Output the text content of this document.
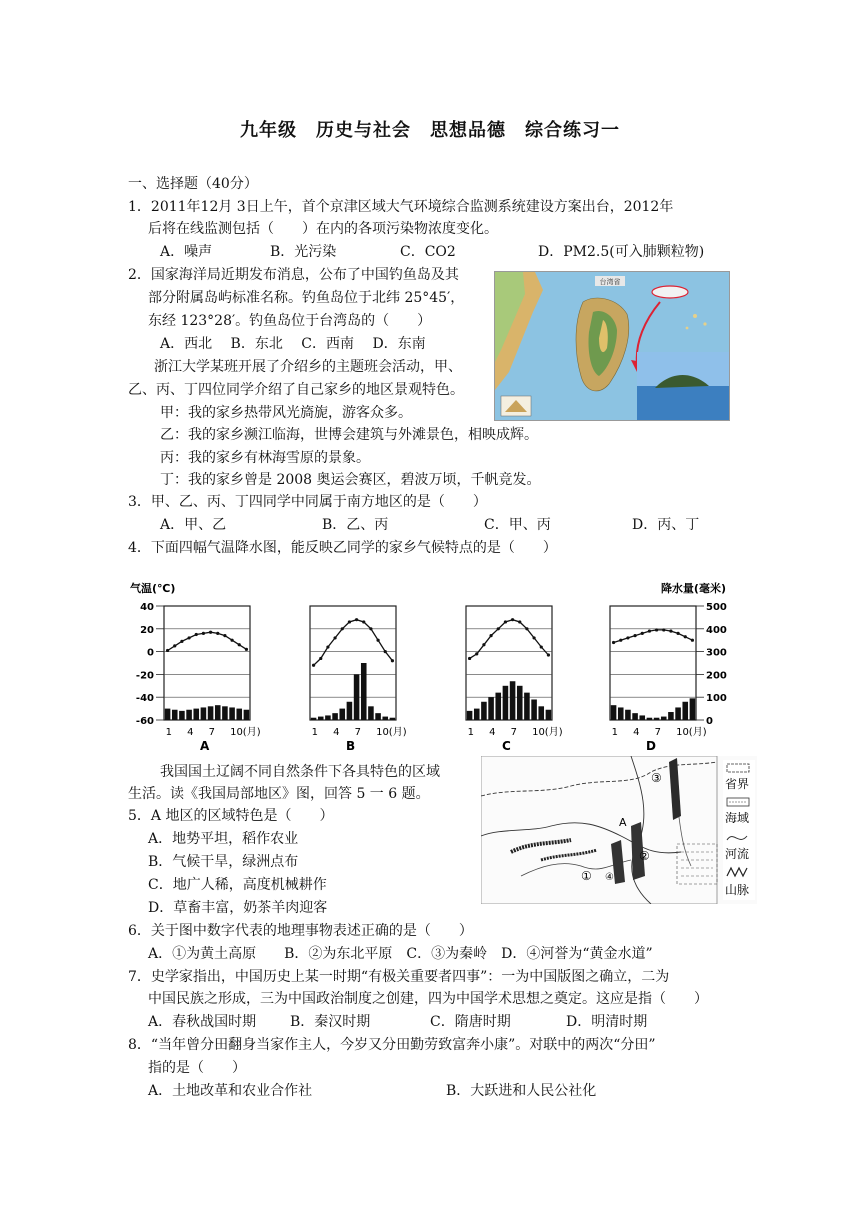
九年级　历史与社会　思想品德　综合练习一
一、选择题（40分）
1．2011年12月 3日上午，首个京津区域大气环境综合监测系统建设方案出台，2012年
后将在线监测包括（　　）在内的各项污染物浓度变化。
A．噪声	B．光污染	C．CO2	D．PM2.5(可入肺颗粒物)
2．国家海洋局近期发布消息，公布了中国钓鱼岛及其
部分附属岛屿标准名称。钓鱼岛位于北纬 25°45′，
东经 123°28′。钓鱼岛位于台湾岛的（　　）
A．西北　 B．东北　 C．西南　 D．东南
台湾省
浙江大学某班开展了介绍乡的主题班会活动，甲、
乙、丙、丁四位同学介绍了自己家乡的地区景观特色。
甲：我的家乡热带风光旖旎，游客众多。
乙：我的家乡濒江临海，世博会建筑与外滩景色，相映成辉。
丙：我的家乡有林海雪原的景象。
丁：我的家乡曾是 2008 奥运会赛区，碧波万顷，千帆竞发。
3．甲、乙、丙、丁四同学中同属于南方地区的是（　　）
A．甲、乙	B．乙、丙	C．甲、丙	D．丙、丁
4．下面四幅气温降水图，能反映乙同学的家乡气候特点的是（　　）
气温(℃)	降水量(毫米)
40
20
0
-20
-40
-60
500
400
300
200
100
0
1 4 7 10(月)
A
1 4 7 10(月)
B
1 4 7 10(月)
C
1 4 7 10(月)
D
我国国土辽阔不同自然条件下各具特色的区域
生活。读《我国局部地区》图，回答 5 一 6 题。
③
A
②
① ④
省界
海域
河流
山脉
5．A 地区的区域特色是（　　）
A．地势平坦，稻作农业
B．气候干旱，绿洲点布
C．地广人稀，高度机械耕作
D．草畜丰富，奶茶羊肉迎客
6．关于图中数字代表的地理事物表述正确的是（　　）
A．①为黄土高原　　B．②为东北平原　C．③为秦岭　D．④河誉为“黄金水道”
7．史学家指出，中国历史上某一时期“有极关重要者四事”：一为中国版图之确立，二为
中国民族之形成，三为中国政治制度之创建，四为中国学术思想之奠定。这应是指（　　）
A．春秋战国时期 B．秦汉时期	C．隋唐时期	D．明清时期
8．“当年曾分田翻身当家作主人，今岁又分田勤劳致富奔小康”。对联中的两次“分田”
指的是（　　）
A．土地改革和农业合作社	B．大跃进和人民公社化
